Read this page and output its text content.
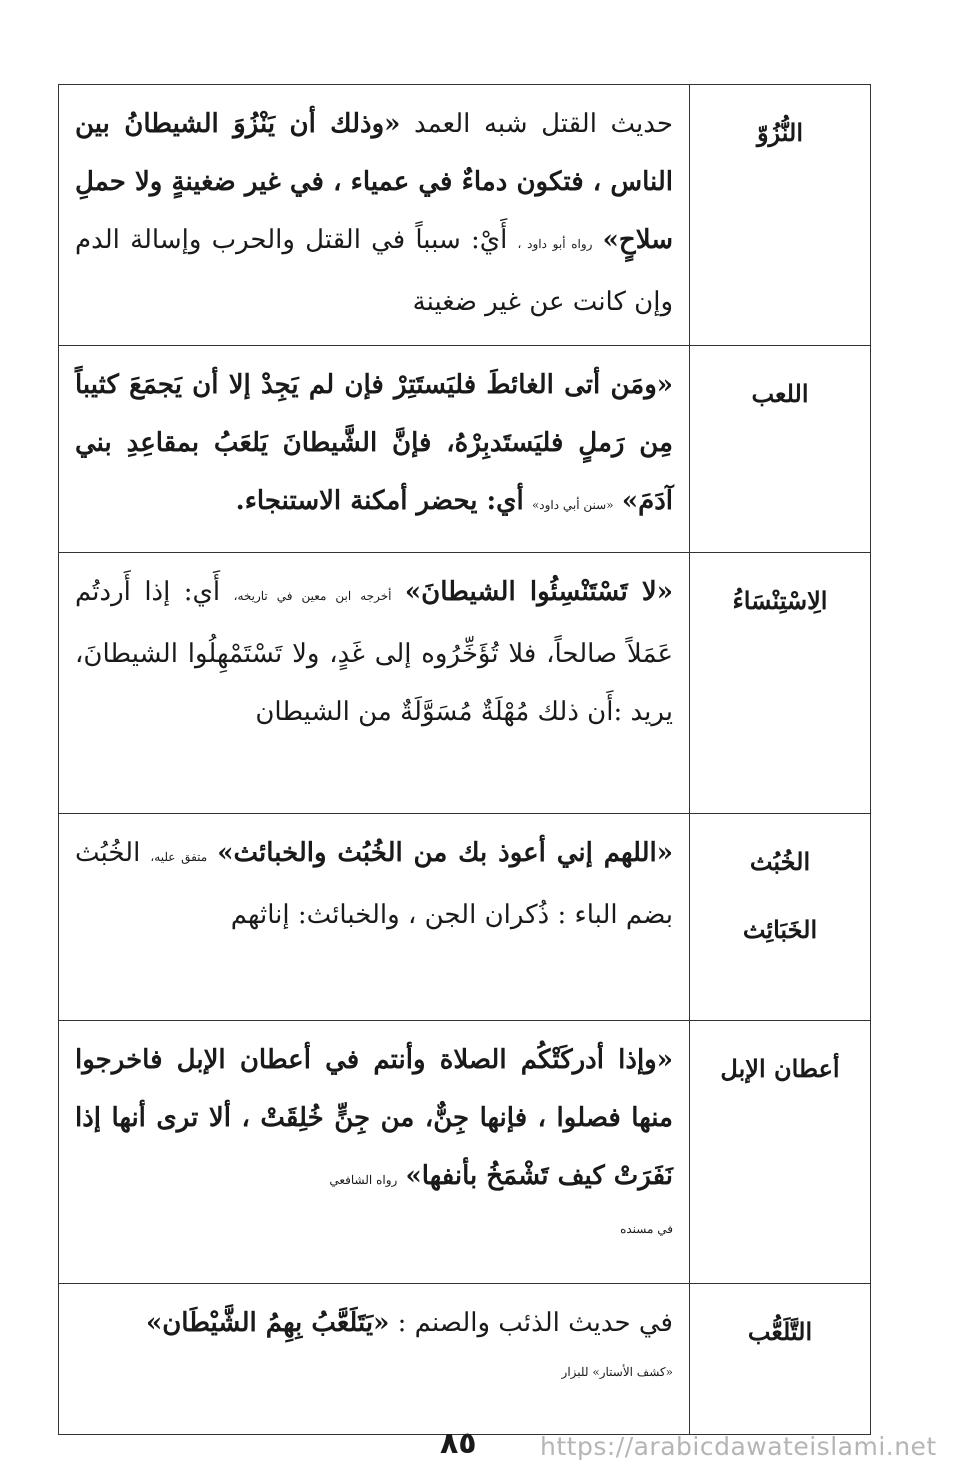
النُّزُوّ	حديث القتل شبه العمد «وذلك أن يَنْزُوَ الشيطانُ بين الناس ، فتكون دماءٌ في عمياء ، في غير ضغينةٍ ولا حملِ سلاحٍ» رواه أبو داود ، أَيْ: سبباً في القتل والحرب وإسالة الدم وإن كانت عن غير ضغينة

اللعب	«ومَن أتى الغائطَ فليَستَتِرْ فإن لم يَجِدْ إلا أن يَجمَعَ كثيباً مِن رَملٍ فليَستَدبِرْهُ، فإنَّ الشَّيطانَ يَلعَبُ بمقاعِدِ بني آدَمَ» «سنن أبي داود» أي: يحضر أمكنة الاستنجاء.

الِاسْتِنْسَاءُ	«لا تَسْتَنْسِئُوا الشيطانَ» أخرجه ابن معين في تاريخه، أَي: إذا أَردتُم عَمَلاً صالحاً، فلا تُؤَخِّرُوه إلى غَدٍ، ولا تَسْتَمْهِلُوا الشيطانَ، يريد :أَن ذلك مُهْلَةٌ مُسَوَّلَةٌ من الشيطان

الخُبُث
الخَبَائِث	«اللهم إني أعوذ بك من الخُبُث والخبائث» متفق عليه، الخُبُث بضم الباء : ذُكران الجن ، والخبائث: إناثهم

أعطان الإبل	«وإذا أدركَتْكُم الصلاة وأنتم في أعطان الإبل فاخرجوا منها فصلوا ، فإنها جِنٌّ، من جِنٍّ خُلِقَتْ ، ألا ترى أنها إذا نَفَرَتْ كيف تَشْمَخُ بأنفها» رواه الشافعي
في مسنده

التَّلَعُّب	في حديث الذئب والصنم : «يَتَلَعَّبُ بِهِمُ الشَّيْطَان»
«كشف الأستار» للبزار
٨٥	https://arabicdawateislami.net
